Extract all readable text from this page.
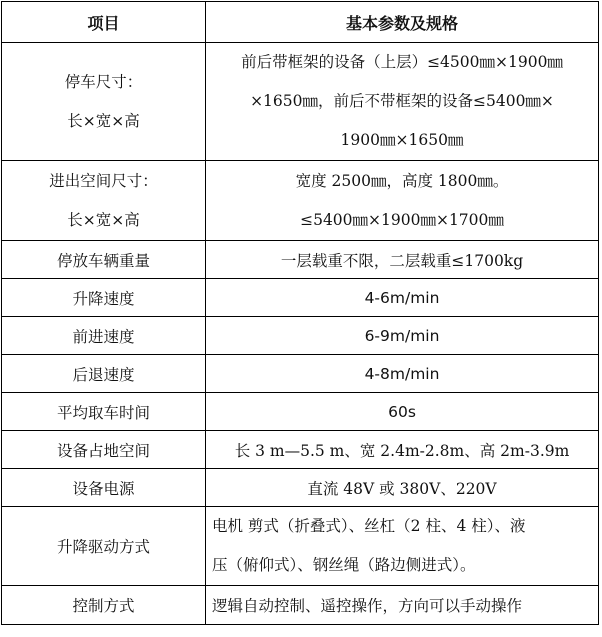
项目	基本参数及规格

停车尺寸：
长×宽×高	前后带框架的设备（上层）≤4500㎜×1900㎜
×1650㎜，前后不带框架的设备≤5400㎜×
1900㎜×1650㎜

进出空间尺寸：
长×宽×高	宽度 2500㎜，高度 1800㎜。
≤5400㎜×1900㎜×1700㎜

停放车辆重量	一层载重不限，二层载重≤1700kg
升降速度	4-6m/min
前进速度	6-9m/min
后退速度	4-8m/min
平均取车时间	60s
设备占地空间	长 3 m—5.5 m、宽 2.4m-2.8m、高 2m-3.9m
设备电源	直流 48V 或 380V、220V
升降驱动方式	电机 剪式（折叠式）、丝杠（2 柱、4 柱）、液
压（俯仰式）、钢丝绳（路边侧进式）。

控制方式	逻辑自动控制、遥控操作，方向可以手动操作
